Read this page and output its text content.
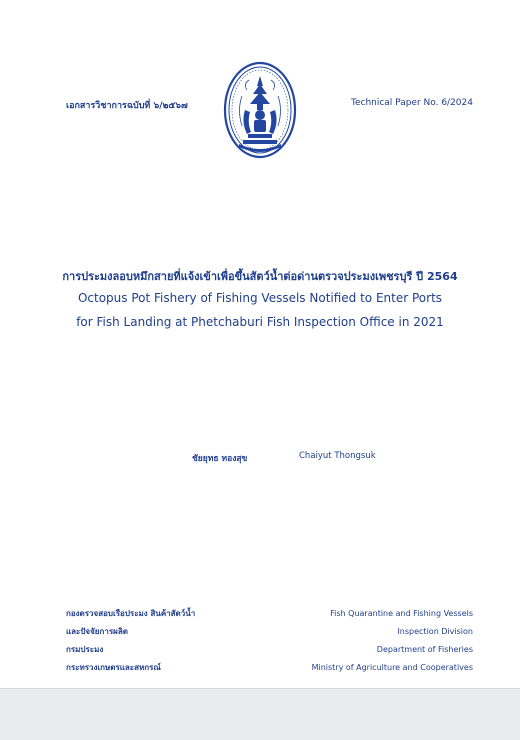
เอกสารวิชาการฉบับที่ ๖/๒๕๖๗	Technical Paper No. 6/2024
การประมงลอบหมึกสายที่แจ้งเข้าเพื่อขึ้นสัตว์น้ำต่อด่านตรวจประมงเพชรบุรี ปี 2564
Octopus Pot Fishery of Fishing Vessels Notified to Enter Ports
for Fish Landing at Phetchaburi Fish Inspection Office in 2021
ชัยยุทธ ทองสุข	Chaiyut Thongsuk
กองตรวจสอบเรือประมง สินค้าสัตว์น้ำ
และปัจจัยการผลิต
กรมประมง
กระทรวงเกษตรและสหกรณ์
Fish Quarantine and Fishing Vessels
Inspection Division
Department of Fisheries
Ministry of Agriculture and Cooperatives
